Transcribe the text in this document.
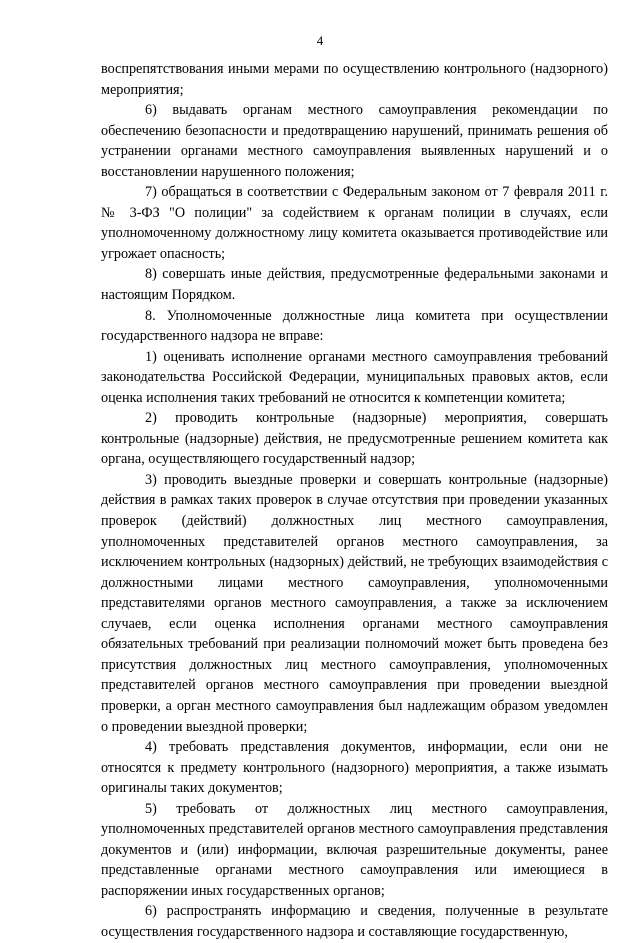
4

воспрепятствования иными мерами по осуществлению контрольного (надзорного) мероприятия;

6) выдавать органам местного самоуправления рекомендации по обеспечению безопасности и предотвращению нарушений, принимать решения об устранении органами местного самоуправления выявленных нарушений и о восстановлении нарушенного положения;

7) обращаться в соответствии с Федеральным законом от 7 февраля 2011 г. № 3-ФЗ "О полиции" за содействием к органам полиции в случаях, если уполномоченному должностному лицу комитета оказывается противодействие или угрожает опасность;

8) совершать иные действия, предусмотренные федеральными законами и настоящим Порядком.

8. Уполномоченные должностные лица комитета при осуществлении государственного надзора не вправе:

1) оценивать исполнение органами местного самоуправления требований законодательства Российской Федерации, муниципальных правовых актов, если оценка исполнения таких требований не относится к компетенции комитета;

2) проводить контрольные (надзорные) мероприятия, совершать контрольные (надзорные) действия, не предусмотренные решением комитета как органа, осуществляющего государственный надзор;

3) проводить выездные проверки и совершать контрольные (надзорные) действия в рамках таких проверок в случае отсутствия при проведении указанных проверок (действий) должностных лиц местного самоуправления, уполномоченных представителей органов местного самоуправления, за исключением контрольных (надзорных) действий, не требующих взаимодействия с должностными лицами местного самоуправления, уполномоченными представителями органов местного самоуправления, а также за исключением случаев, если оценка исполнения органами местного самоуправления обязательных требований при реализации полномочий может быть проведена без присутствия должностных лиц местного самоуправления, уполномоченных представителей органов местного самоуправления при проведении выездной проверки, а орган местного самоуправления был надлежащим образом уведомлен о проведении выездной проверки;

4) требовать представления документов, информации, если они не относятся к предмету контрольного (надзорного) мероприятия, а также изымать оригиналы таких документов;

5) требовать от должностных лиц местного самоуправления, уполномоченных представителей органов местного самоуправления представления документов и (или) информации, включая разрешительные документы, ранее представленные органами местного самоуправления или имеющиеся в распоряжении иных государственных органов;

6) распространять информацию и сведения, полученные в результате осуществления государственного надзора и составляющие государственную,
